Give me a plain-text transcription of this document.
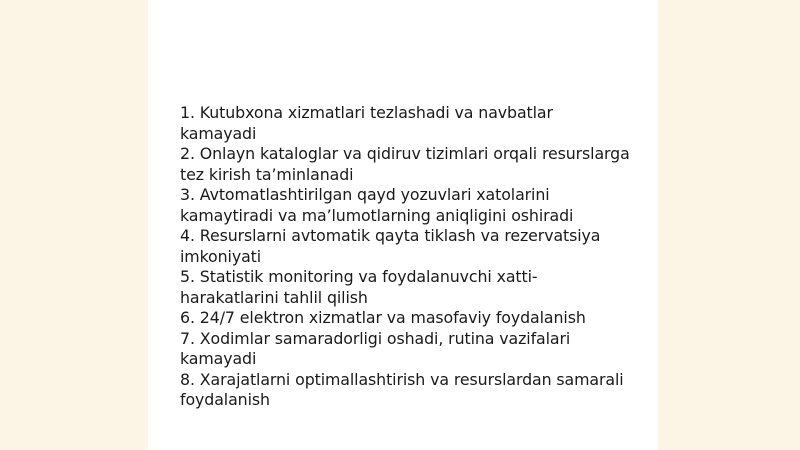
1. Kutubxona xizmatlari tezlashadi va navbatlar kamayadi
2. Onlayn kataloglar va qidiruv tizimlari orqali resurslarga tez kirish ta’minlanadi
3. Avtomatlashtirilgan qayd yozuvlari xatolarini kamaytiradi va ma’lumotlarning aniqligini oshiradi
4. Resurslarni avtomatik qayta tiklash va rezervatsiya imkoniyati
5. Statistik monitoring va foydalanuvchi xatti-harakatlarini tahlil qilish
6. 24/7 elektron xizmatlar va masofaviy foydalanish
7. Xodimlar samaradorligi oshadi, rutina vazifalari kamayadi
8. Xarajatlarni optimallashtirish va resurslardan samarali foydalanish
